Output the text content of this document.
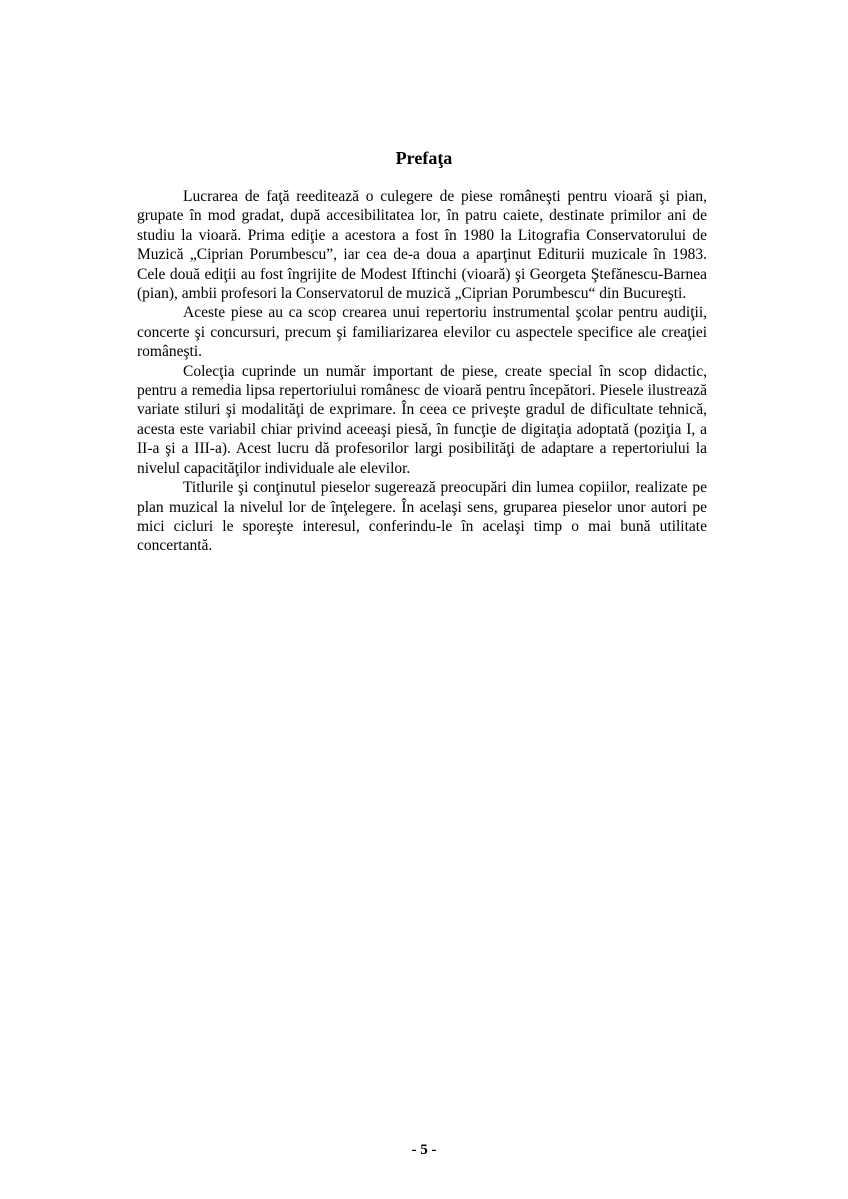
Prefaţa

Lucrarea de faţă reeditează o culegere de piese româneşti pentru vioară şi pian, grupate în mod gradat, după accesibilitatea lor, în patru caiete, destinate primilor ani de studiu la vioară. Prima ediţie a acestora a fost în 1980 la Litografia Conservatorului de Muzică „Ciprian Porumbescu”, iar cea de-a doua a aparţinut Editurii muzicale în 1983. Cele două ediţii au fost îngrijite de Modest Iftinchi (vioară) şi Georgeta Ştefănescu-Barnea (pian), ambii profesori la Conservatorul de muzică „Ciprian Porumbescu“ din Bucureşti.

Aceste piese au ca scop crearea unui repertoriu instrumental şcolar pentru audiţii, concerte şi concursuri, precum şi familiarizarea elevilor cu aspectele specifice ale creaţiei româneşti.

Colecţia cuprinde un număr important de piese, create special în scop didactic, pentru a remedia lipsa repertoriului românesc de vioară pentru începători. Piesele ilustrează variate stiluri şi modalităţi de exprimare. În ceea ce priveşte gradul de dificultate tehnică, acesta este variabil chiar privind aceeaşi piesă, în funcţie de digitaţia adoptată (poziţia I, a II-a şi a III-a). Acest lucru dă profesorilor largi posibilităţi de adaptare a repertoriului la nivelul capacităţilor individuale ale elevilor.

Titlurile şi conţinutul pieselor sugerează preocupări din lumea copiilor, realizate pe plan muzical la nivelul lor de înţelegere. În acelaşi sens, gruparea pieselor unor autori pe mici cicluri le sporeşte interesul, conferindu-le în acelaşi timp o mai bună utilitate concertantă.

- 5 -
